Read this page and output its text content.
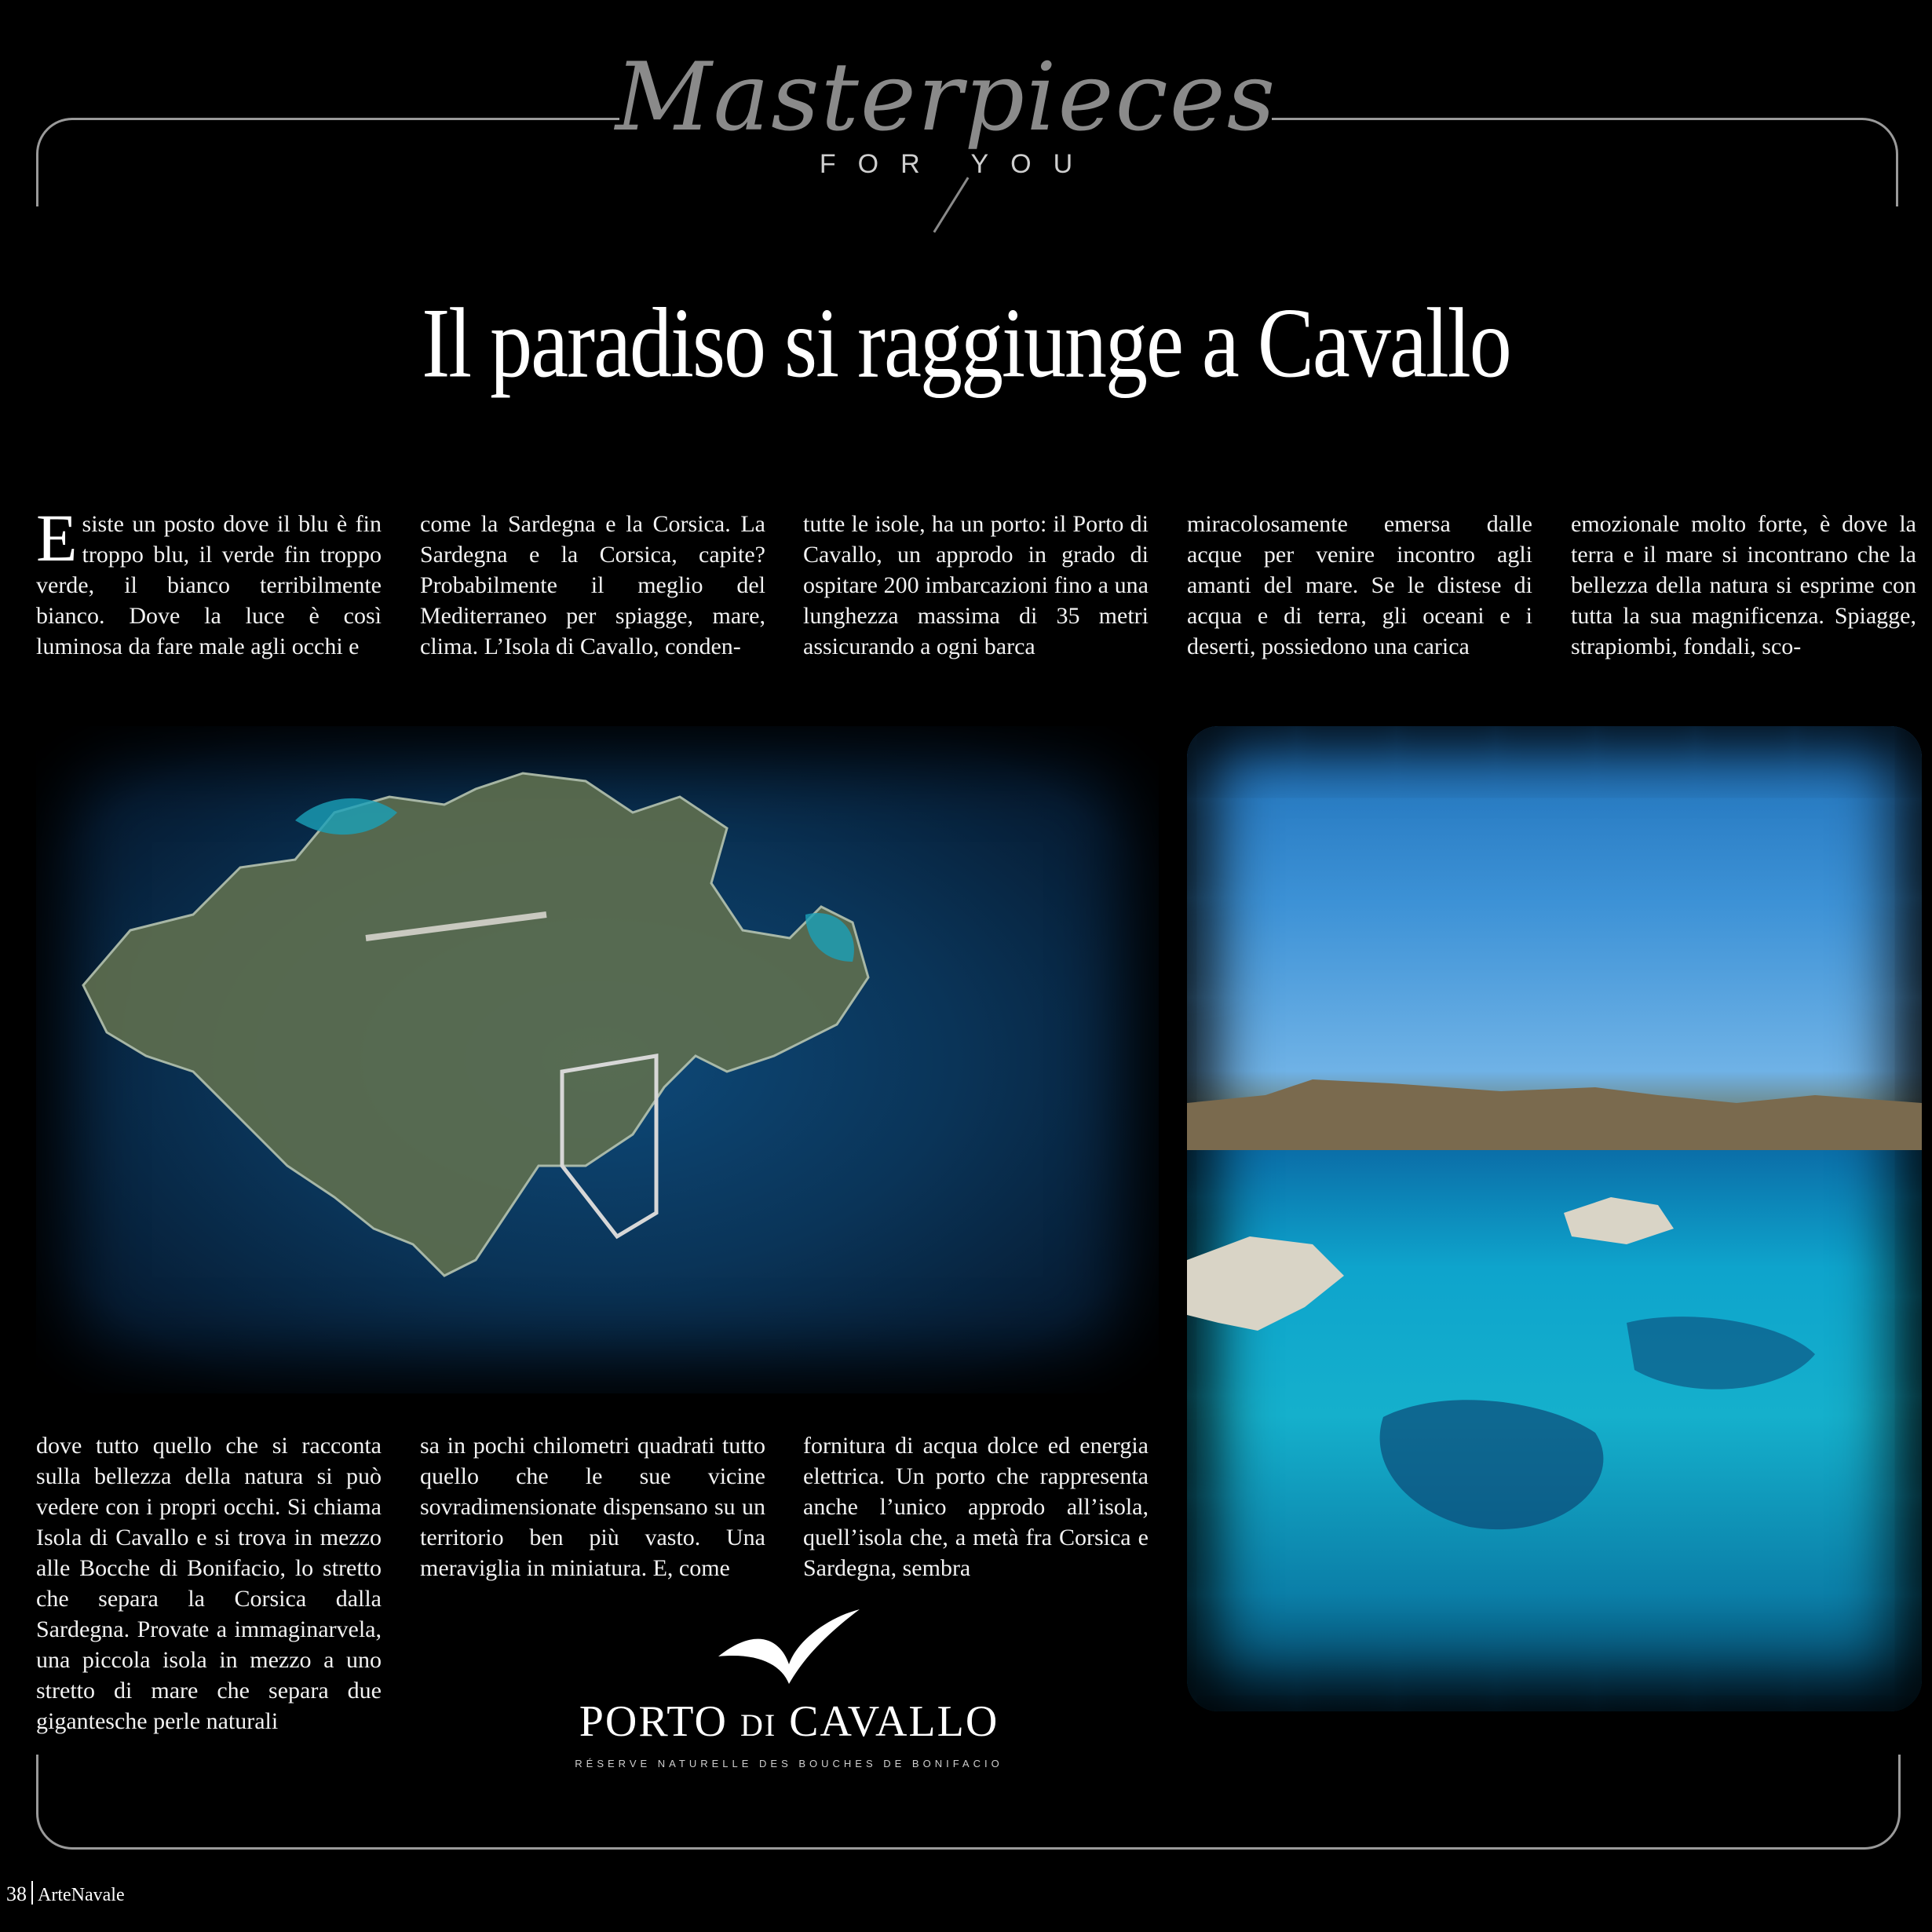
Masterpieces
FOR YOU
Il paradiso si raggiunge a Cavallo
Esiste un posto dove il blu è fin troppo blu, il verde fin troppo verde, il bianco terribilmente bianco. Dove la luce è così luminosa da fare male agli occhi e
come la Sardegna e la Corsica. La Sardegna e la Corsica, capite? Probabilmente il meglio del Mediterraneo per spiagge, mare, clima. L’Isola di Cavallo, conden-
tutte le isole, ha un porto: il Porto di Cavallo, un approdo in grado di ospitare 200 imbarcazioni fino a una lunghezza massima di 35 metri assicurando a ogni barca
miracolosamente emersa dalle acque per venire incontro agli amanti del mare. Se le distese di acqua e di terra, gli oceani e i deserti, possiedono una carica
emozionale molto forte, è dove la terra e il mare si incontrano che la bellezza della natura si esprime con tutta la sua magnificenza. Spiagge, strapiombi, fondali, sco-
dove tutto quello che si racconta sulla bellezza della natura si può vedere con i propri occhi. Si chiama Isola di Cavallo e si trova in mezzo alle Bocche di Bonifacio, lo stretto che separa la Corsica dalla Sardegna. Provate a immaginarvela, una piccola isola in mezzo a uno stretto di mare che separa due gigantesche perle naturali
sa in pochi chilometri quadrati tutto quello che le sue vicine sovradimensionate dispensano su un territorio ben più vasto. Una meraviglia in miniatura. E, come
fornitura di acqua dolce ed energia elettrica. Un porto che rappresenta anche l’unico approdo all’isola, quell’isola che, a metà fra Corsica e Sardegna, sembra
PORTO DI CAVALLO
RÉSERVE NATURELLE DES BOUCHES DE BONIFACIO
38 ArteNavale
